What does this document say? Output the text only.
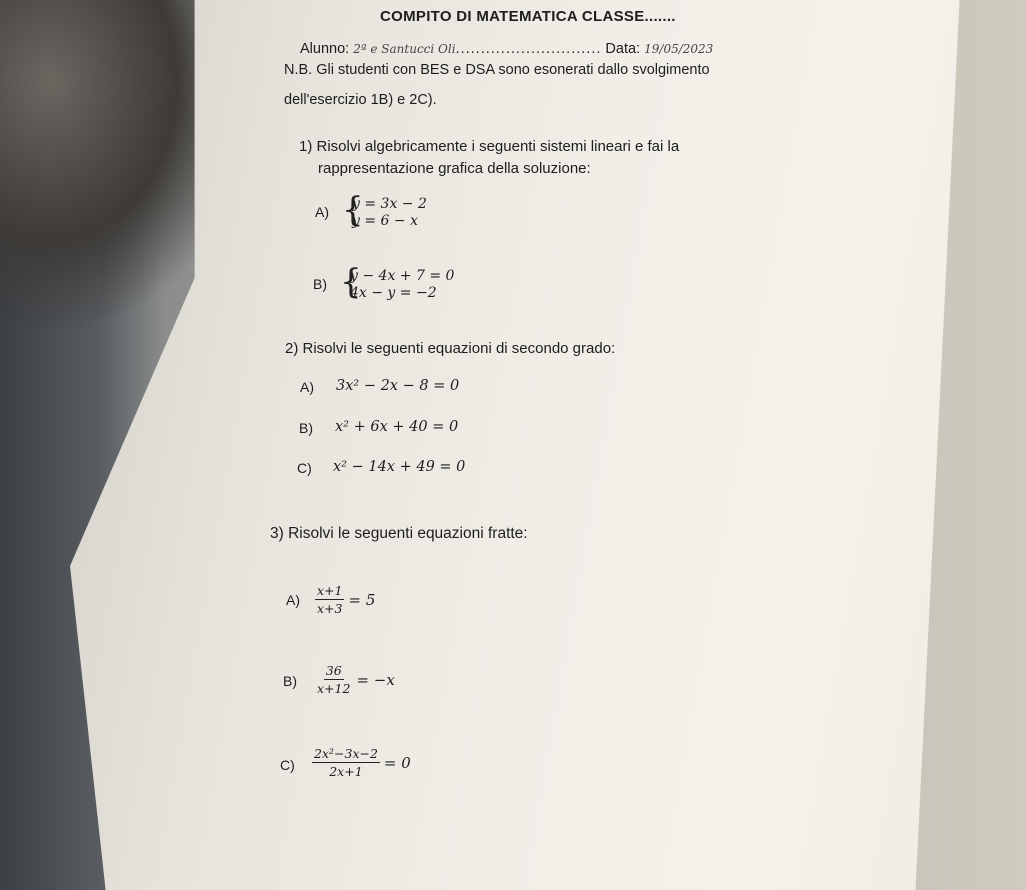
COMPITO DI MATEMATICA CLASSE.......
Alunno: 2ª e Santucci Oli............................. Data: 19/05/2023
N.B. Gli studenti con BES e DSA sono esonerati dallo svolgimento
dell'esercizio 1B) e 2C).
1) Risolvi algebricamente i seguenti sistemi lineari e fai la
rappresentazione grafica della soluzione:
A) {
y = 3x − 2
y = 6 − x
B) {
y − 4x + 7 = 0
4x − y = −2
2) Risolvi le seguenti equazioni di secondo grado:
A) 3x² − 2x − 8 = 0
B) x² + 6x + 40 = 0
C) x² − 14x + 49 = 0
3) Risolvi le seguenti equazioni fratte:
$A) \frac{x+1}{x+3} = 5$
$B) \frac{36}{x+12} = -x$
$C) \frac{\text{2x²−3x−2}}{2x+1} = 0$
